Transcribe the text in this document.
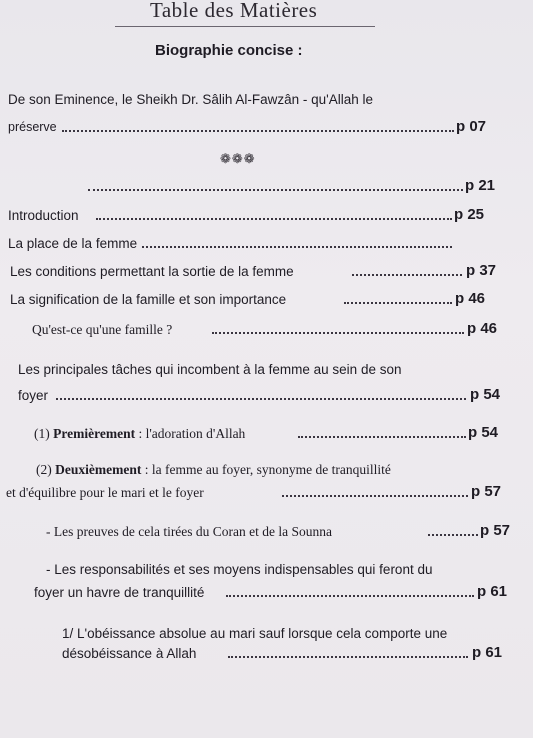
Table des Matières
Biographie concise :
De son Eminence, le Sheikh Dr. Sâlih Al-Fawzân - qu'Allah le
préserve	p 07
❁❁❁
p 21
Introduction	p 25
La place de la femme
Les conditions permettant la sortie de la femme	p 37
La signification de la famille et son importance	p 46
Qu'est-ce qu'une famille ?	p 46
Les principales tâches qui incombent à la femme au sein de son
foyer	p 54
(1) Premièrement : l'adoration d'Allah	p 54
(2) Deuxièmement : la femme au foyer, synonyme de tranquillité
et d'équilibre pour le mari et le foyer	p 57
- Les preuves de cela tirées du Coran et de la Sounna	p 57
- Les responsabilités et ses moyens indispensables qui feront du
foyer un havre de tranquillité	p 61
1/ L'obéissance absolue au mari sauf lorsque cela comporte une
désobéissance à Allah	p 61
